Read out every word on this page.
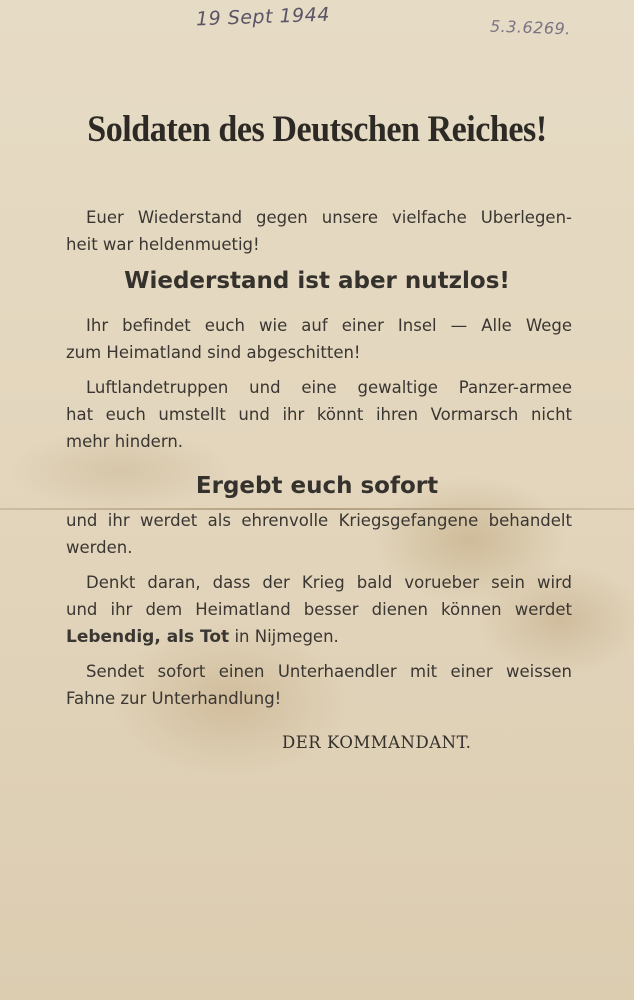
19 Sept 1944	5.3.6269.
Soldaten des Deutschen Reiches!
Euer Wiederstand gegen unsere vielfache Uberlegen-
heit war heldenmuetig!
Wiederstand ist aber nutzlos!
Ihr befindet euch wie auf einer Insel — Alle Wege
zum Heimatland sind abgeschitten!
Luftlandetruppen und eine gewaltige Panzer-armee
hat euch umstellt und ihr könnt ihren Vormarsch nicht
mehr hindern.
Ergebt euch sofort
und ihr werdet als ehrenvolle Kriegsgefangene behandelt
werden.
Denkt daran, dass der Krieg bald vorueber sein wird
und ihr dem Heimatland besser dienen können werdet
Lebendig, als Tot in Nijmegen.
Sendet sofort einen Unterhaendler mit einer weissen
Fahne zur Unterhandlung!
DER KOMMANDANT.
